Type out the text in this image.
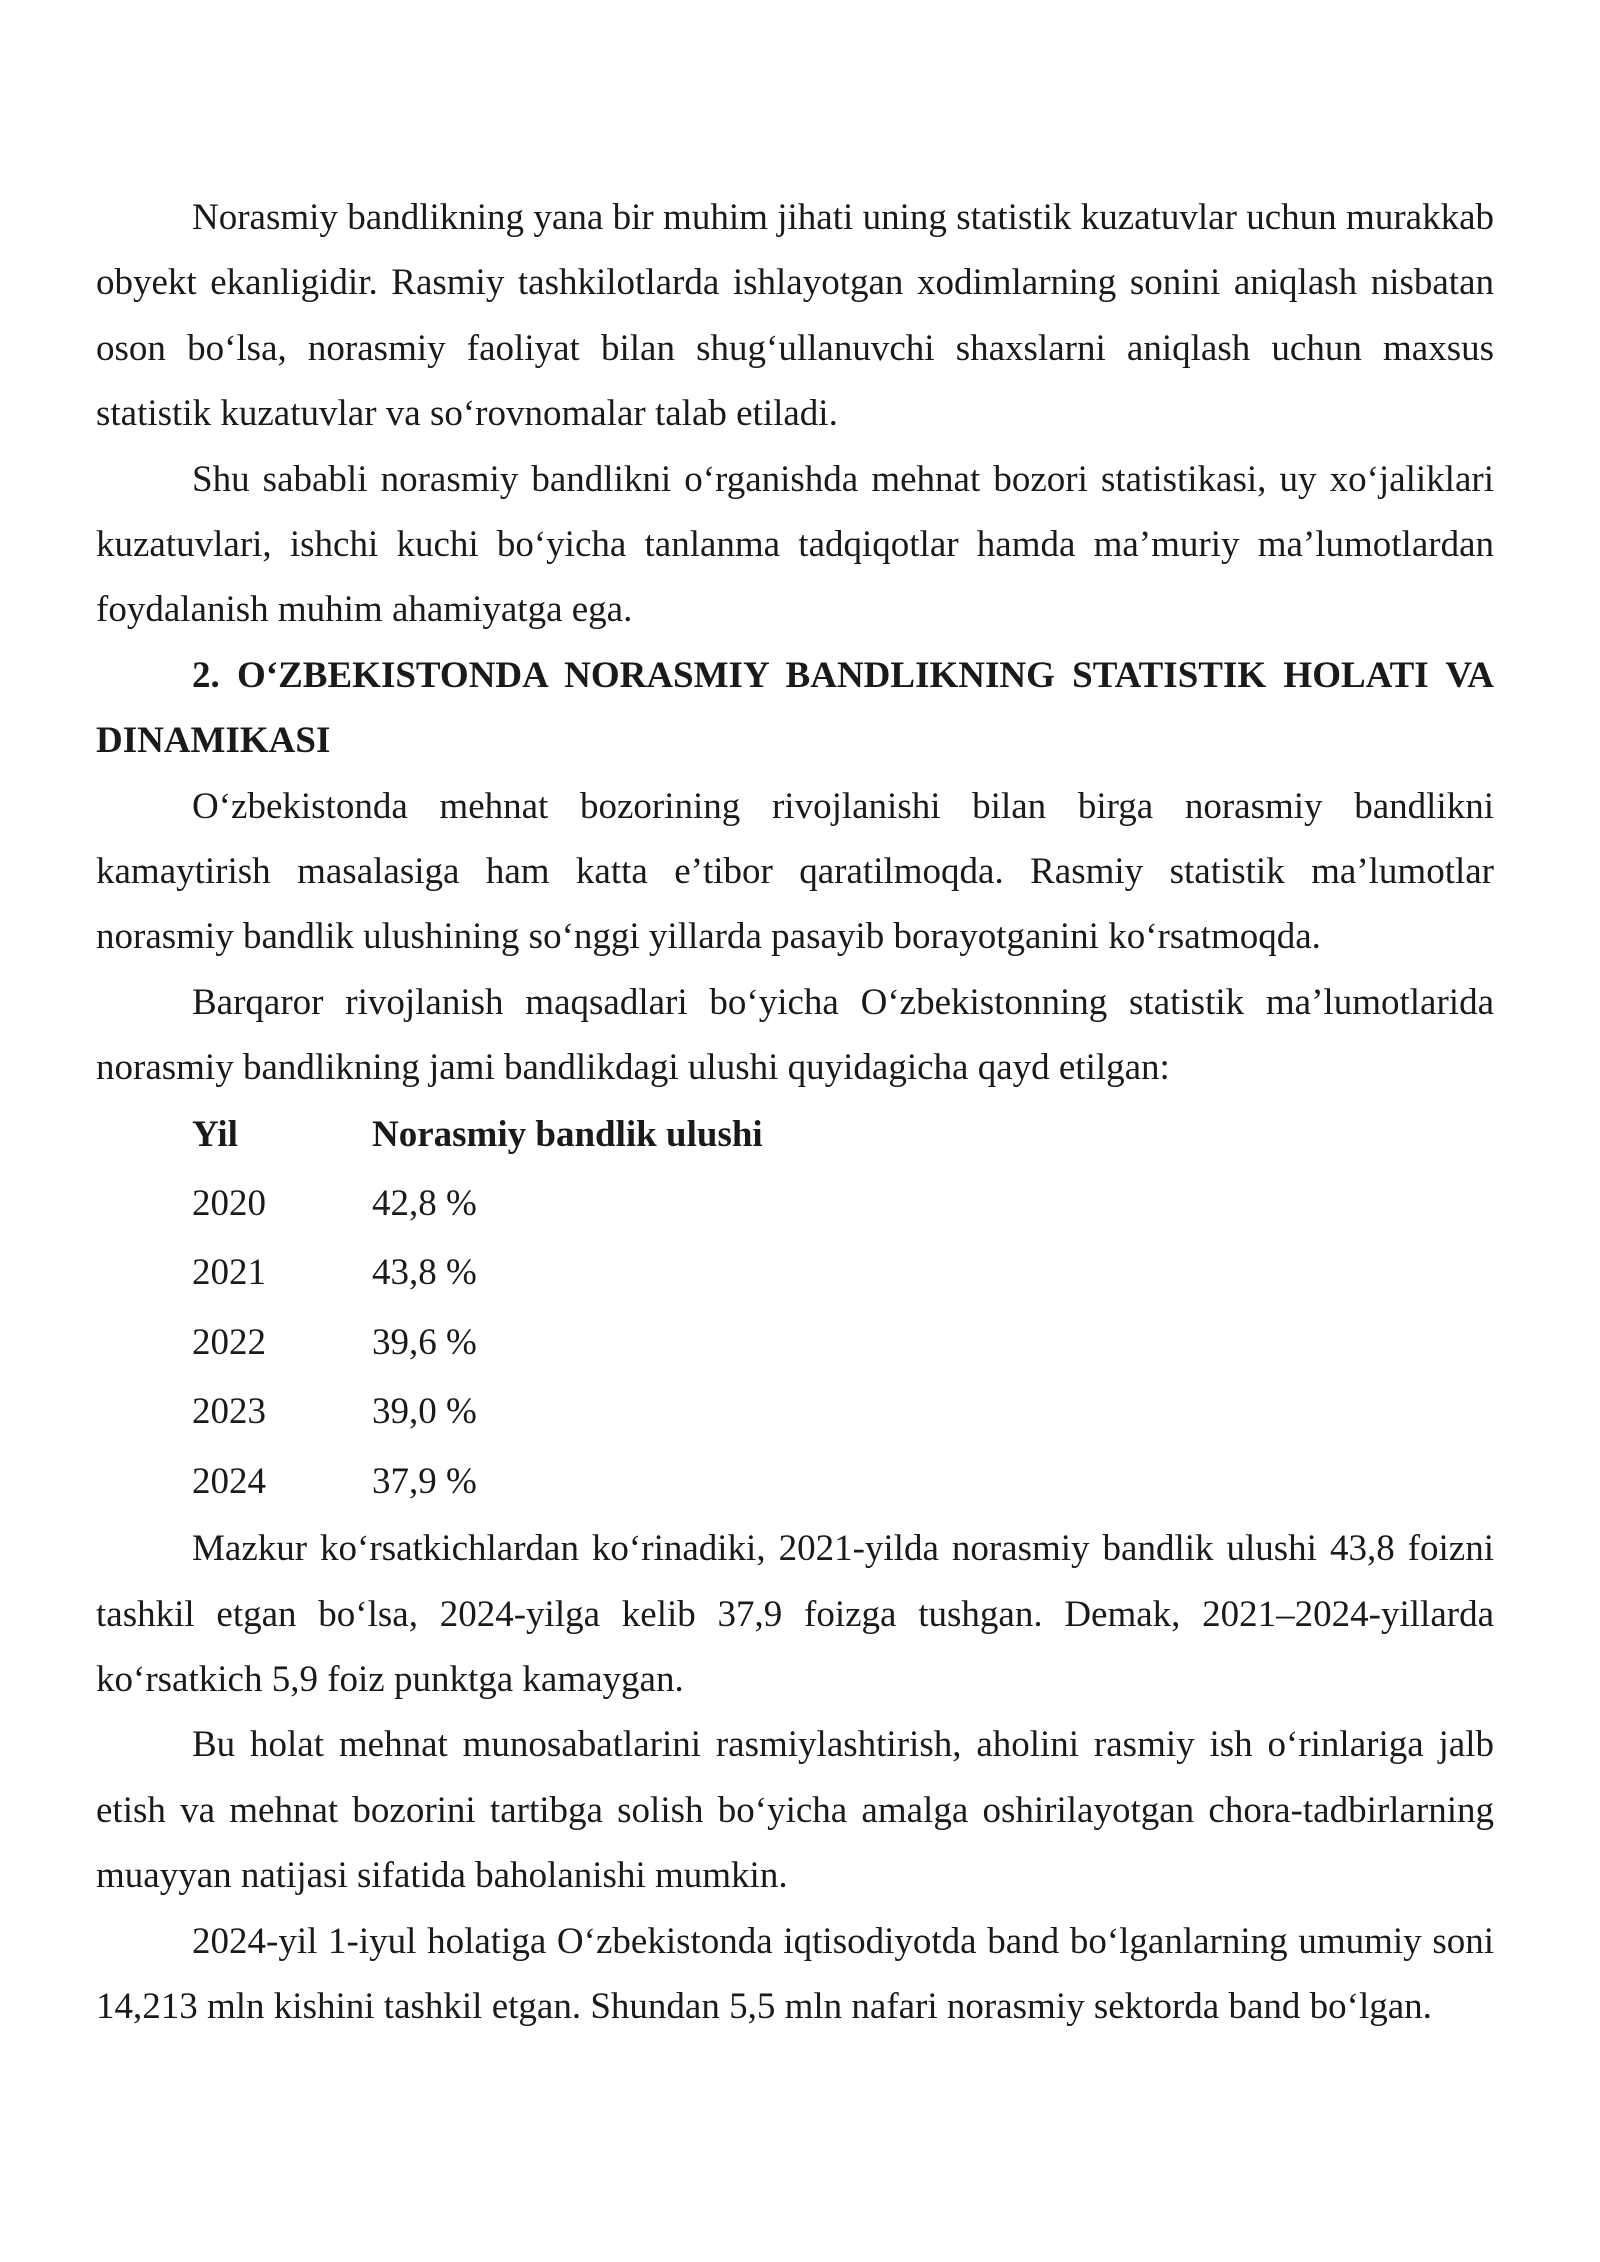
Norasmiy bandlikning yana bir muhim jihati uning statistik kuzatuvlar uchun murakkab obyekt ekanligidir. Rasmiy tashkilotlarda ishlayotgan xodimlarning sonini aniqlash nisbatan oson boʻlsa, norasmiy faoliyat bilan shugʻullanuvchi shaxslarni aniqlash uchun maxsus statistik kuzatuvlar va soʻrovnomalar talab etiladi.

Shu sababli norasmiy bandlikni oʻrganishda mehnat bozori statistikasi, uy xoʻjaliklari kuzatuvlari, ishchi kuchi boʻyicha tanlanma tadqiqotlar hamda maʼmuriy maʼlumotlardan foydalanish muhim ahamiyatga ega.

2. OʻZBEKISTONDA NORASMIY BANDLIKNING STATISTIK HOLATI VA DINAMIKASI

Oʻzbekistonda mehnat bozorining rivojlanishi bilan birga norasmiy bandlikni kamaytirish masalasiga ham katta eʼtibor qaratilmoqda. Rasmiy statistik maʼlumotlar norasmiy bandlik ulushining soʻnggi yillarda pasayib borayotganini koʻrsatmoqda.

Barqaror rivojlanish maqsadlari boʻyicha Oʻzbekistonning statistik maʼlumotlarida norasmiy bandlikning jami bandlikdagi ulushi quyidagicha qayd etilgan:

Yil	Norasmiy bandlik ulushi
2020	42,8 %
2021	43,8 %
2022	39,6 %
2023	39,0 %
2024	37,9 %

Mazkur koʻrsatkichlardan koʻrinadiki, 2021-yilda norasmiy bandlik ulushi 43,8 foizni tashkil etgan boʻlsa, 2024-yilga kelib 37,9 foizga tushgan. Demak, 2021–2024-yillarda koʻrsatkich 5,9 foiz punktga kamaygan.

Bu holat mehnat munosabatlarini rasmiylashtirish, aholini rasmiy ish oʻrinlariga jalb etish va mehnat bozorini tartibga solish boʻyicha amalga oshirilayotgan chora-tadbirlarning muayyan natijasi sifatida baholanishi mumkin.

2024-yil 1-iyul holatiga Oʻzbekistonda iqtisodiyotda band boʻlganlarning umumiy soni 14,213 mln kishini tashkil etgan. Shundan 5,5 mln nafari norasmiy sektorda band boʻlgan.
